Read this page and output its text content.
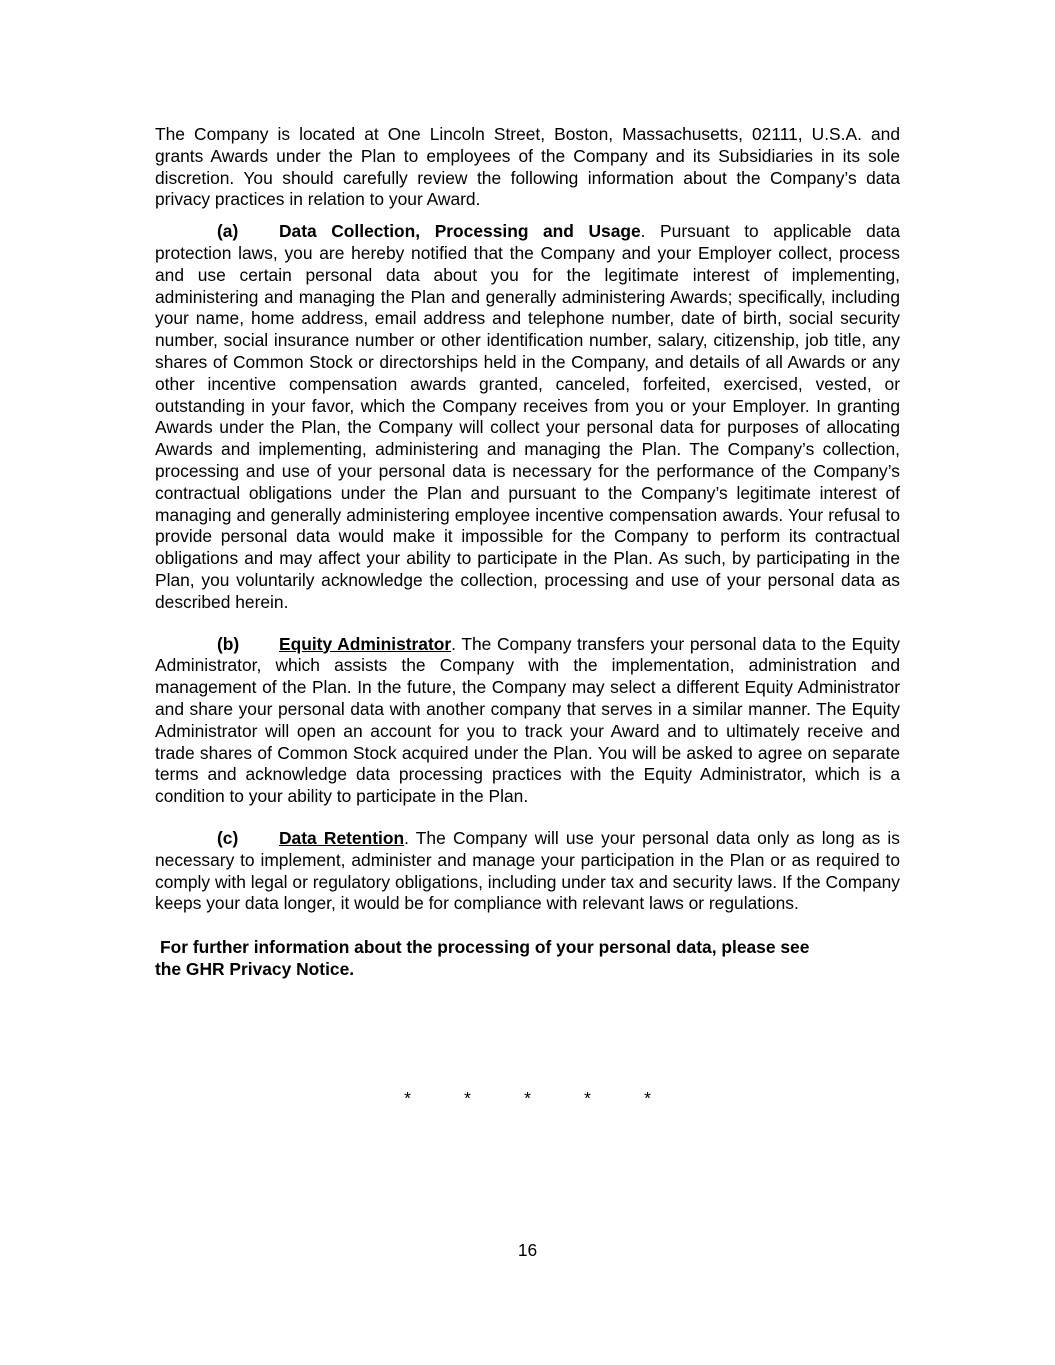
The Company is located at One Lincoln Street, Boston, Massachusetts, 02111, U.S.A. and grants Awards under the Plan to employees of the Company and its Subsidiaries in its sole discretion. You should carefully review the following information about the Company’s data privacy practices in relation to your Award.

(a) Data Collection, Processing and Usage. Pursuant to applicable data protection laws, you are hereby notified that the Company and your Employer collect, process and use certain personal data about you for the legitimate interest of implementing, administering and managing the Plan and generally administering Awards; specifically, including your name, home address, email address and telephone number, date of birth, social security number, social insurance number or other identification number, salary, citizenship, job title, any shares of Common Stock or directorships held in the Company, and details of all Awards or any other incentive compensation awards granted, canceled, forfeited, exercised, vested, or outstanding in your favor, which the Company receives from you or your Employer. In granting Awards under the Plan, the Company will collect your personal data for purposes of allocating Awards and implementing, administering and managing the Plan. The Company’s collection, processing and use of your personal data is necessary for the performance of the Company’s contractual obligations under the Plan and pursuant to the Company’s legitimate interest of managing and generally administering employee incentive compensation awards. Your refusal to provide personal data would make it impossible for the Company to perform its contractual obligations and may affect your ability to participate in the Plan. As such, by participating in the Plan, you voluntarily acknowledge the collection, processing and use of your personal data as described herein.

(b) Equity Administrator. The Company transfers your personal data to the Equity Administrator, which assists the Company with the implementation, administration and management of the Plan. In the future, the Company may select a different Equity Administrator and share your personal data with another company that serves in a similar manner. The Equity Administrator will open an account for you to track your Award and to ultimately receive and trade shares of Common Stock acquired under the Plan. You will be asked to agree on separate terms and acknowledge data processing practices with the Equity Administrator, which is a condition to your ability to participate in the Plan.

(c) Data Retention. The Company will use your personal data only as long as is necessary to implement, administer and manage your participation in the Plan or as required to comply with legal or regulatory obligations, including under tax and security laws. If the Company keeps your data longer, it would be for compliance with relevant laws or regulations.

For further information about the processing of your personal data, please see
the GHR Privacy Notice.

*	*	*	*	*
16
